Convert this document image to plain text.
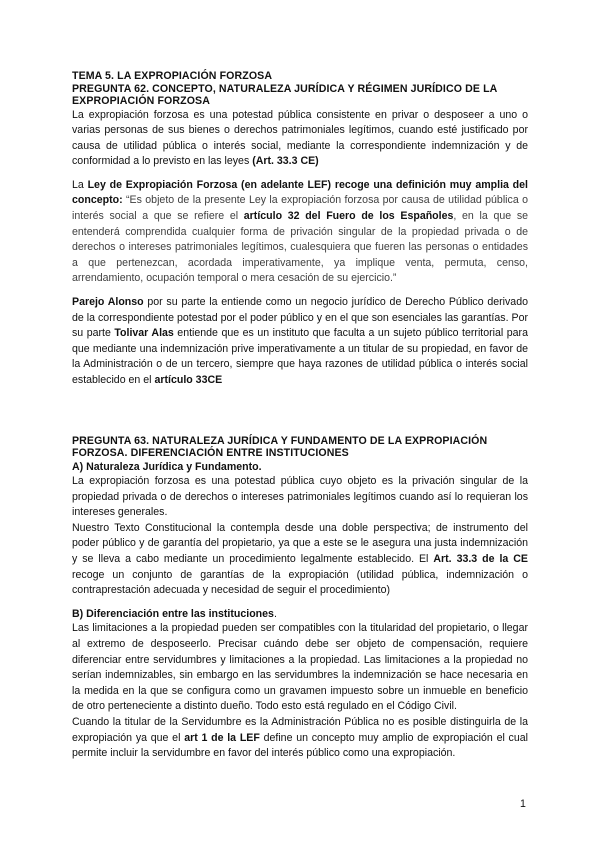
TEMA 5. LA EXPROPIACIÓN FORZOSA
PREGUNTA 62. CONCEPTO, NATURALEZA JURÍDICA Y RÉGIMEN JURÍDICO DE LA EXPROPIACIÓN FORZOSA

La expropiación forzosa es una potestad pública consistente en privar o desposeer a uno o varias personas de sus bienes o derechos patrimoniales legítimos, cuando esté justificado por causa de utilidad pública o interés social, mediante la correspondiente indemnización y de conformidad a lo previsto en las leyes (Art. 33.3 CE)

La Ley de Expropiación Forzosa (en adelante LEF) recoge una definición muy amplia del concepto: “Es objeto de la presente Ley la expropiación forzosa por causa de utilidad pública o interés social a que se refiere el artículo 32 del Fuero de los Españoles, en la que se entenderá comprendida cualquier forma de privación singular de la propiedad privada o de derechos o intereses patrimoniales legítimos, cualesquiera que fueren las personas o entidades a que pertenezcan, acordada imperativamente, ya implique venta, permuta, censo, arrendamiento, ocupación temporal o mera cesación de su ejercicio.”

Parejo Alonso por su parte la entiende como un negocio jurídico de Derecho Público derivado de la correspondiente potestad por el poder público y en el que son esenciales las garantías. Por su parte Tolivar Alas entiende que es un instituto que faculta a un sujeto público territorial para que mediante una indemnización prive imperativamente a un titular de su propiedad, en favor de la Administración o de un tercero, siempre que haya razones de utilidad pública o interés social establecido en el artículo 33CE

PREGUNTA 63. NATURALEZA JURÍDICA Y FUNDAMENTO DE LA EXPROPIACIÓN FORZOSA. DIFERENCIACIÓN ENTRE INSTITUCIONES
A) Naturaleza Jurídica y Fundamento.

La expropiación forzosa es una potestad pública cuyo objeto es la privación singular de la propiedad privada o de derechos o intereses patrimoniales legítimos cuando así lo requieran los intereses generales.

Nuestro Texto Constitucional la contempla desde una doble perspectiva; de instrumento del poder público y de garantía del propietario, ya que a este se le asegura una justa indemnización y se lleva a cabo mediante un procedimiento legalmente establecido. El Art. 33.3 de la CE recoge un conjunto de garantías de la expropiación (utilidad pública, indemnización o contraprestación adecuada y necesidad de seguir el procedimiento)

B) Diferenciación entre las instituciones.

Las limitaciones a la propiedad pueden ser compatibles con la titularidad del propietario, o llegar al extremo de desposeerlo. Precisar cuándo debe ser objeto de compensación, requiere diferenciar entre servidumbres y limitaciones a la propiedad. Las limitaciones a la propiedad no serían indemnizables, sin embargo en las servidumbres la indemnización se hace necesaria en la medida en la que se configura como un gravamen impuesto sobre un inmueble en beneficio de otro perteneciente a distinto dueño. Todo esto está regulado en el Código Civil.

Cuando la titular de la Servidumbre es la Administración Pública no es posible distinguirla de la expropiación ya que el art 1 de la LEF define un concepto muy amplio de expropiación el cual permite incluir la servidumbre en favor del interés público como una expropiación.

1
